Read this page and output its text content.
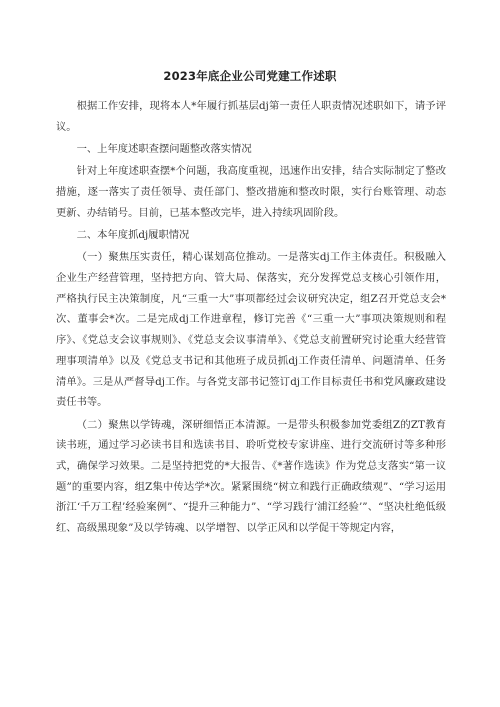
2023年底企业公司党建工作述职

根据工作安排，现将本人*年履行抓基层dj第一责任人职责情况述职如下，请予评议。

一、上年度述职查摆问题整改落实情况

针对上年度述职查摆*个问题，我高度重视，迅速作出安排，结合实际制定了整改措施，逐一落实了责任领导、责任部门、整改措施和整改时限，实行台账管理、动态更新、办结销号。目前，已基本整改完毕，进入持续巩固阶段。

二、本年度抓dj履职情况

（一）聚焦压实责任，精心谋划高位推动。一是落实dj工作主体责任。积极融入企业生产经营管理，坚持把方向、管大局、保落实，充分发挥党总支核心引领作用，严格执行民主决策制度，凡“三重一大”事项都经过会议研究决定，组Z召开党总支会*次、董事会*次。二是完成dj工作进章程，修订完善《“三重一大”事项决策规则和程序》、《党总支会议事规则》、《党总支会议事清单》、《党总支前置研究讨论重大经营管理事项清单》以及《党总支书记和其他班子成员抓dj工作责任清单、问题清单、任务清单》。三是从严督导dj工作。与各党支部书记签订dj工作目标责任书和党风廉政建设责任书等。

（二）聚焦以学铸魂，深研细悟正本清源。一是带头积极参加党委组Z的ZT教育读书班，通过学习必读书目和选读书目、聆听党校专家讲座、进行交流研讨等多种形式，确保学习效果。二是坚持把党的*大报告、《*著作选读》作为党总支落实“第一议题”的重要内容，组Z集中传达学*次。紧紧围绕“树立和践行正确政绩观”、“学习运用浙江‘千万工程’经验案例”、“提升三种能力”、“学习践行‘浦江经验’”、“坚决杜绝低级红、高级黑现象”及以学铸魂、以学增智、以学正风和以学促干等规定内容，
